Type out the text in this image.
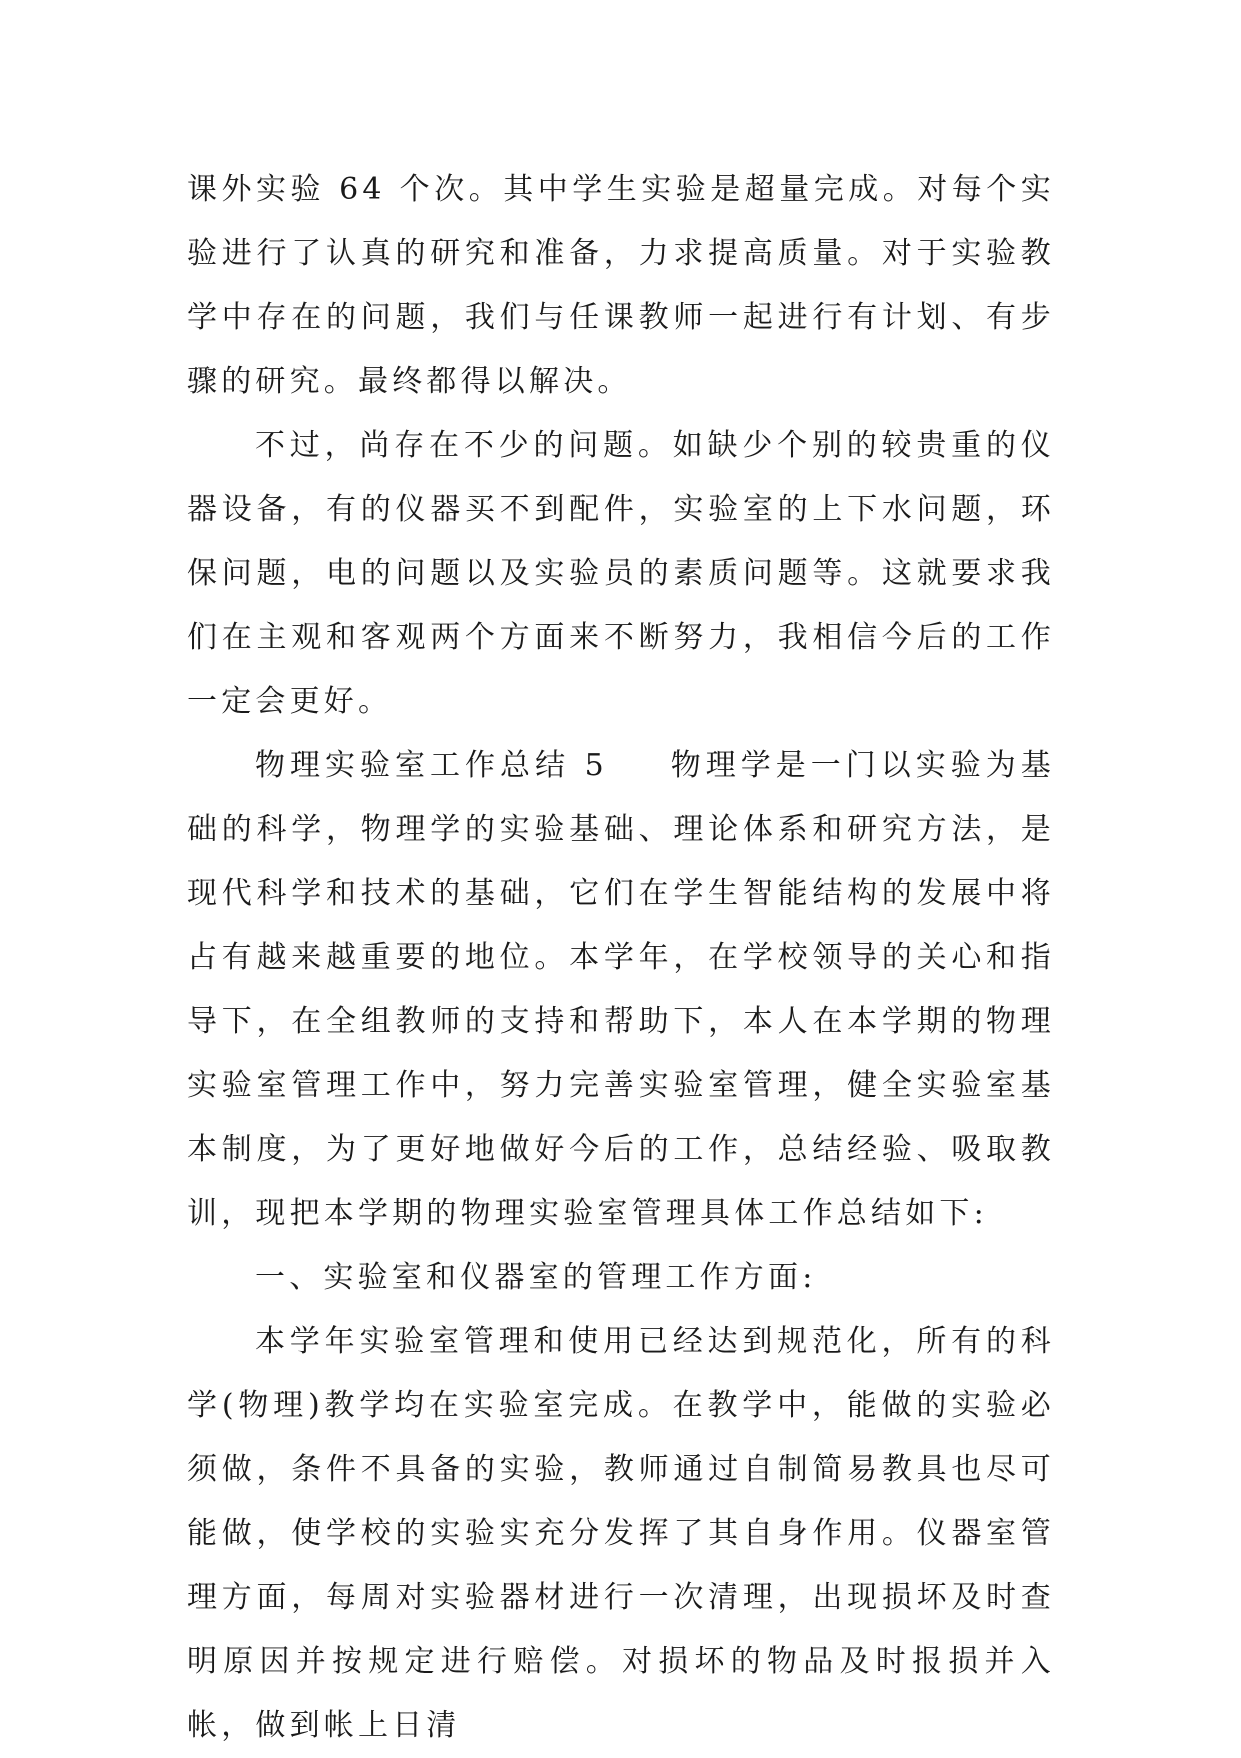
课外实验 64 个次。其中学生实验是超量完成。对每个实验进行了认真的研究和准备，力求提高质量。对于实验教学中存在的问题，我们与任课教师一起进行有计划、有步骤的研究。最终都得以解决。

不过，尚存在不少的问题。如缺少个别的较贵重的仪器设备，有的仪器买不到配件，实验室的上下水问题，环保问题，电的问题以及实验员的素质问题等。这就要求我们在主观和客观两个方面来不断努力，我相信今后的工作一定会更好。

物理实验室工作总结 5 物理学是一门以实验为基础的科学，物理学的实验基础、理论体系和研究方法，是现代科学和技术的基础，它们在学生智能结构的发展中将占有越来越重要的地位。本学年，在学校领导的关心和指导下，在全组教师的支持和帮助下，本人在本学期的物理实验室管理工作中，努力完善实验室管理，健全实验室基本制度，为了更好地做好今后的工作，总结经验、吸取教训，现把本学期的物理实验室管理具体工作总结如下:

一、实验室和仪器室的管理工作方面:

本学年实验室管理和使用已经达到规范化，所有的科学(物理)教学均在实验室完成。在教学中，能做的实验必须做，条件不具备的实验，教师通过自制简易教具也尽可能做，使学校的实验实充分发挥了其自身作用。仪器室管理方面，每周对实验器材进行一次清理，出现损坏及时查明原因并按规定进行赔偿。对损坏的物品及时报损并入帐，做到帐上日清
